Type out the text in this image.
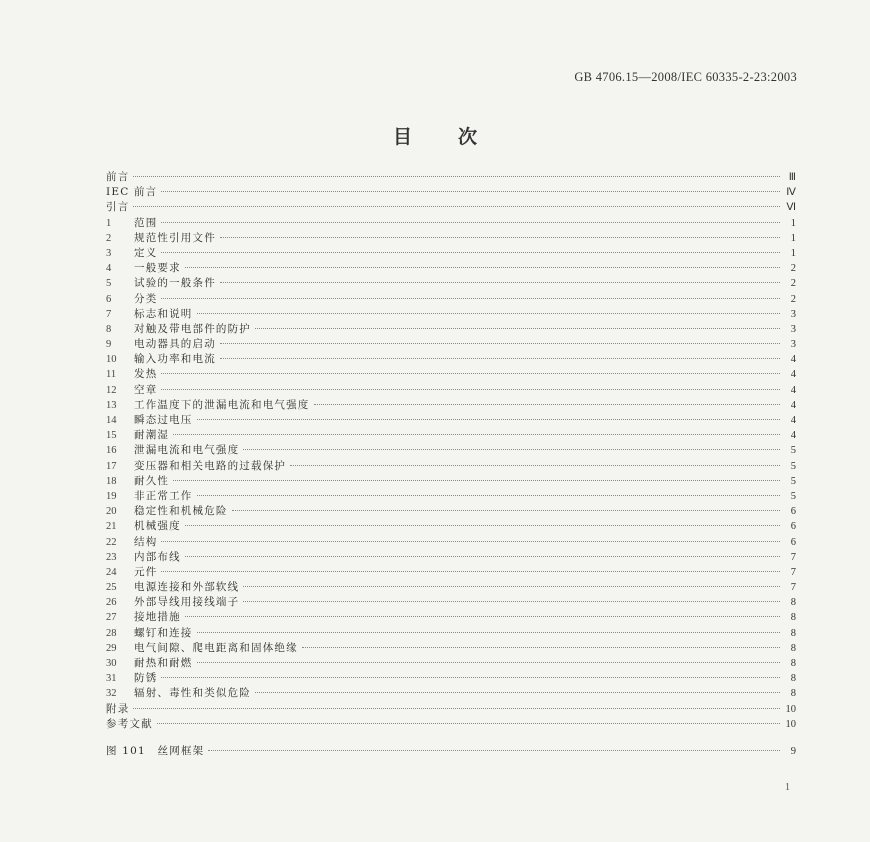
GB 4706.15—2008/IEC 60335-2-23:2003
目 次
前言	Ⅲ
IEC 前言	Ⅳ
引言	Ⅵ
1	范围	1
2	规范性引用文件	1
3	定义	1
4	一般要求	2
5	试验的一般条件	2
6	分类	2
7	标志和说明	3
8	对触及带电部件的防护	3
9	电动器具的启动	3
10	输入功率和电流	4
11	发热	4
12	空章	4
13	工作温度下的泄漏电流和电气强度	4
14	瞬态过电压	4
15	耐潮湿	4
16	泄漏电流和电气强度	5
17	变压器和相关电路的过载保护	5
18	耐久性	5
19	非正常工作	5
20	稳定性和机械危险	6
21	机械强度	6
22	结构	6
23	内部布线	7
24	元件	7
25	电源连接和外部软线	7
26	外部导线用接线端子	8
27	接地措施	8
28	螺钉和连接	8
29	电气间隙、爬电距离和固体绝缘	8
30	耐热和耐燃	8
31	防锈	8
32	辐射、毒性和类似危险	8
附录	10
参考文献	10
图 101　丝网框架	9
1
